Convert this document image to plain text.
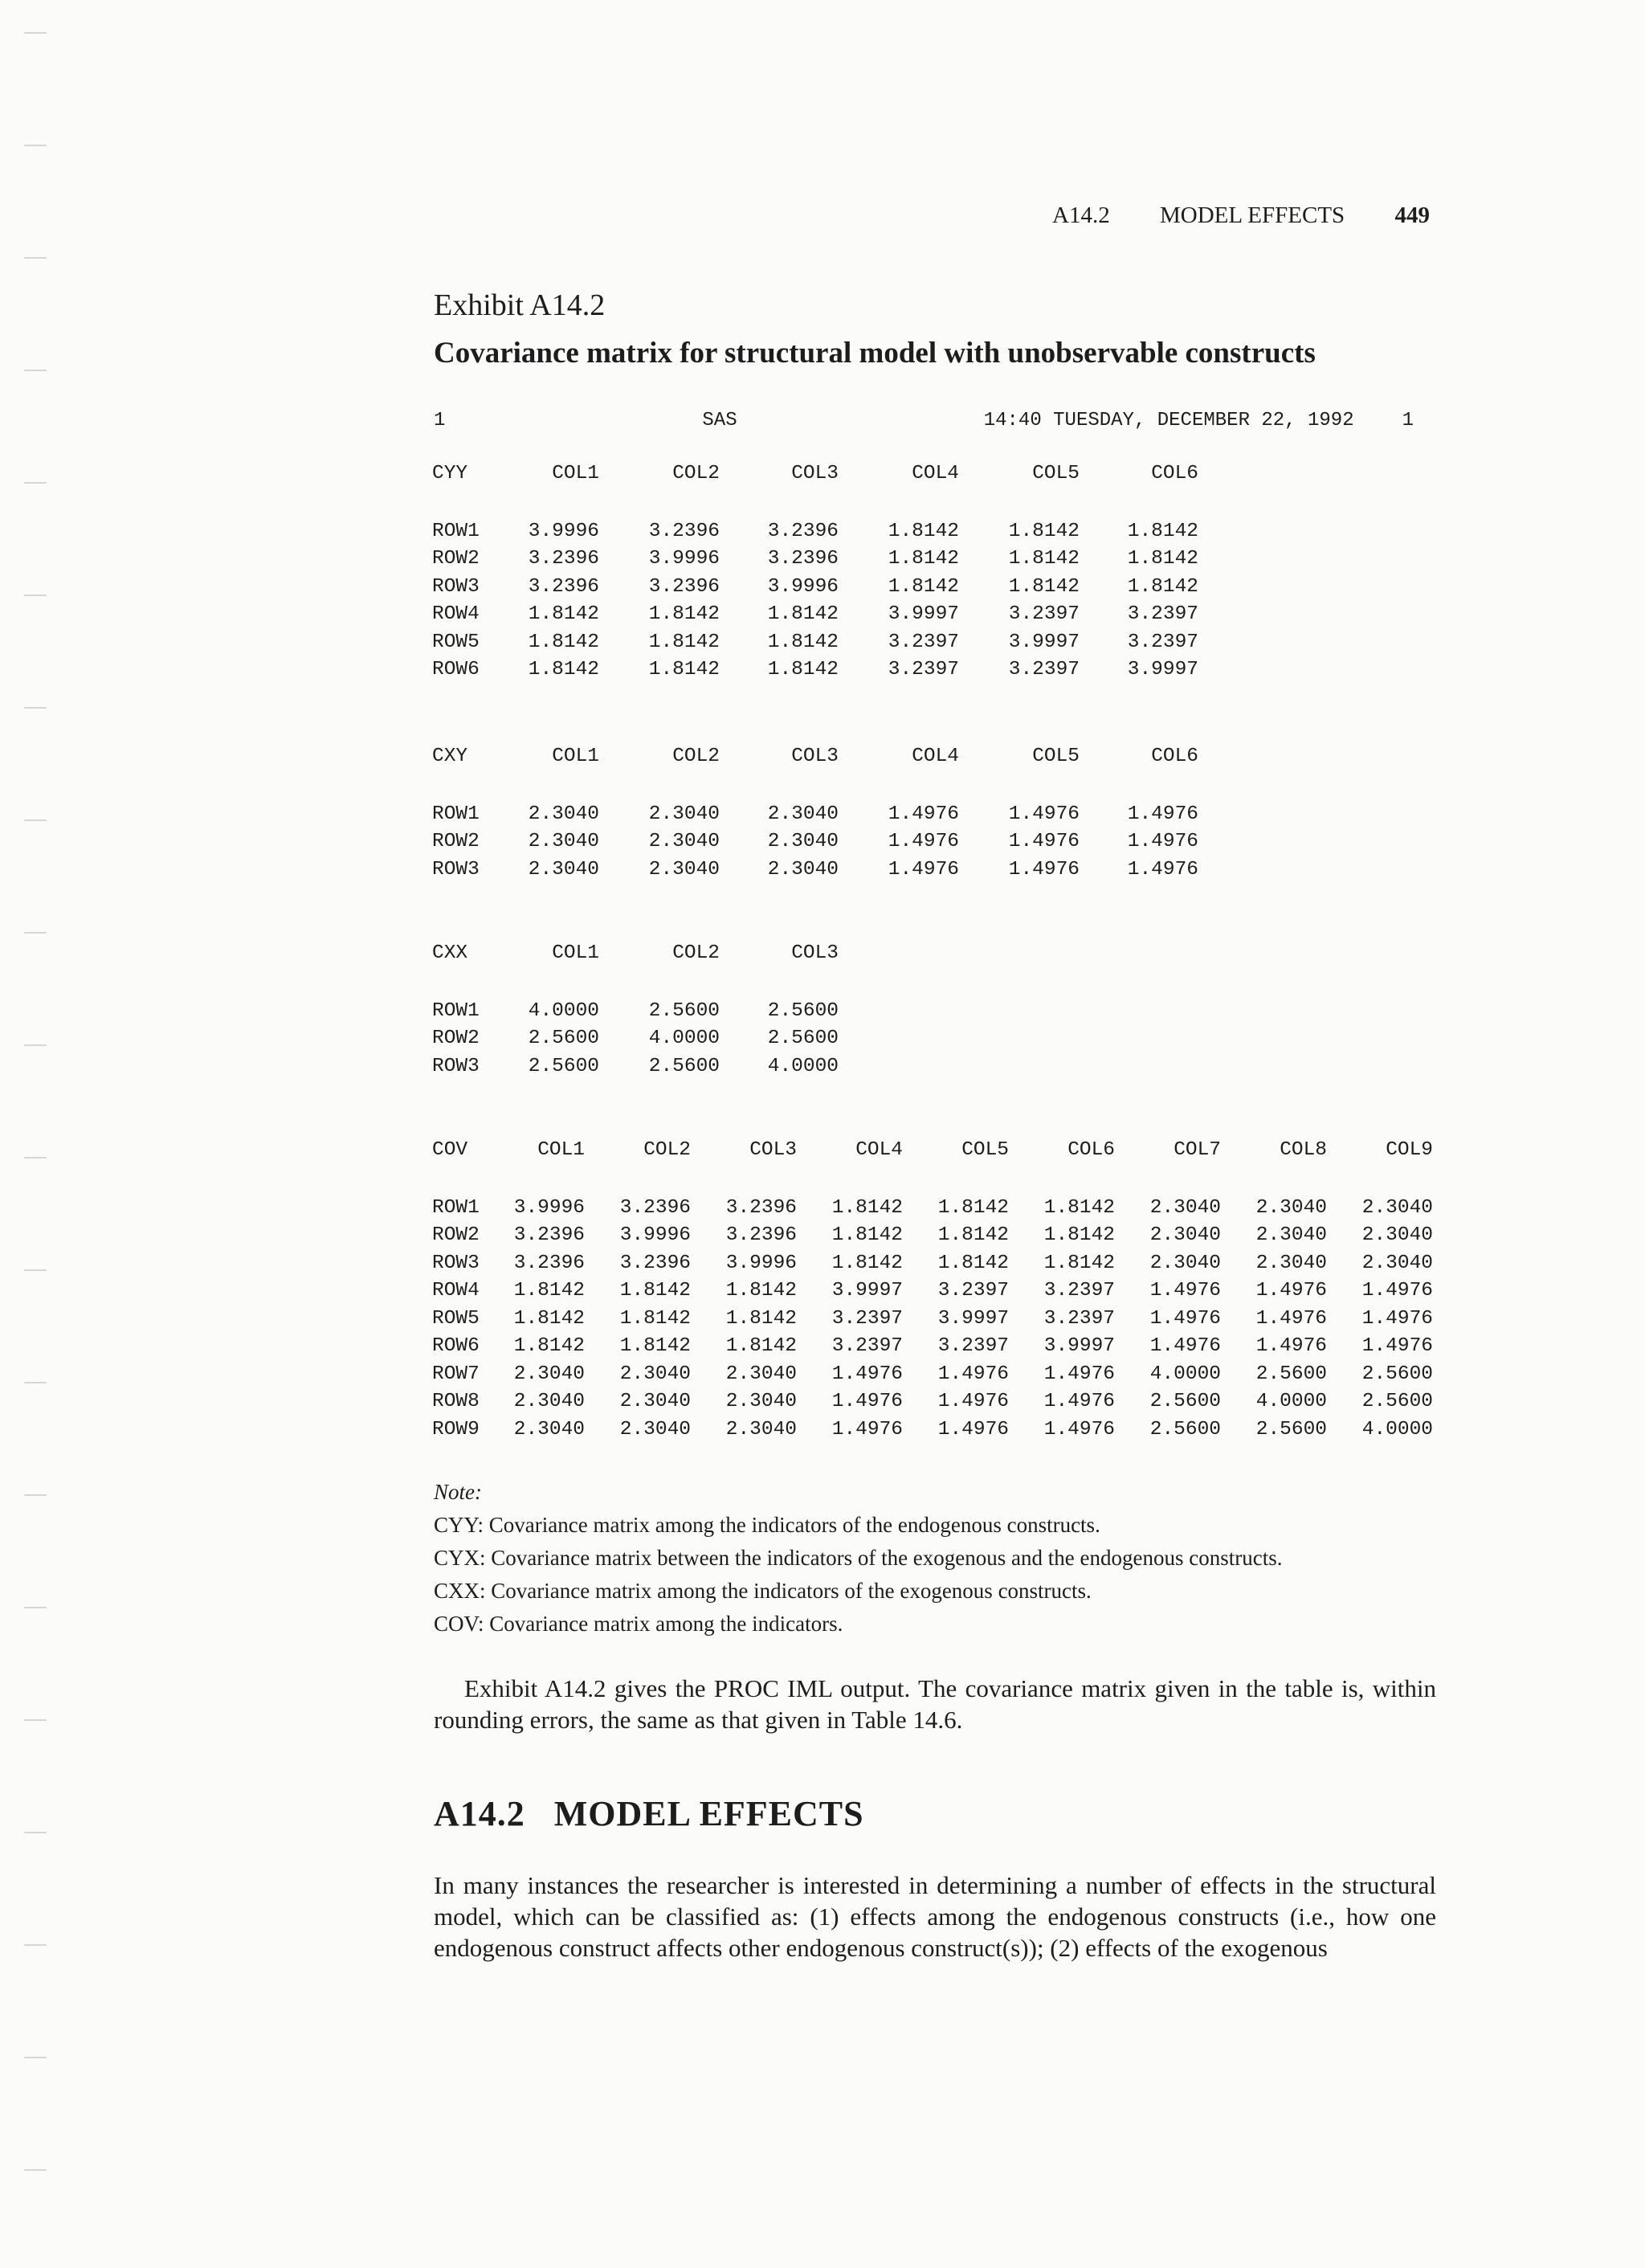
A14.2 MODEL EFFECTS 449
Exhibit A14.2
Covariance matrix for structural model with unobservable constructs
1	SAS	14:40 TUESDAY, DECEMBER 22, 1992	1
CYY	COL1	COL2	COL3	COL4	COL5	COL6
ROW1	3.9996	3.2396	3.2396	1.8142	1.8142	1.8142
ROW2	3.2396	3.9996	3.2396	1.8142	1.8142	1.8142
ROW3	3.2396	3.2396	3.9996	1.8142	1.8142	1.8142
ROW4	1.8142	1.8142	1.8142	3.9997	3.2397	3.2397
ROW5	1.8142	1.8142	1.8142	3.2397	3.9997	3.2397
ROW6	1.8142	1.8142	1.8142	3.2397	3.2397	3.9997
CXY	COL1	COL2	COL3	COL4	COL5	COL6
ROW1	2.3040	2.3040	2.3040	1.4976	1.4976	1.4976
ROW2	2.3040	2.3040	2.3040	1.4976	1.4976	1.4976
ROW3	2.3040	2.3040	2.3040	1.4976	1.4976	1.4976
CXX	COL1	COL2	COL3
ROW1	4.0000	2.5600	2.5600
ROW2	2.5600	4.0000	2.5600
ROW3	2.5600	2.5600	4.0000
COV	COL1	COL2	COL3	COL4	COL5	COL6	COL7	COL8	COL9
ROW1	3.9996	3.2396	3.2396	1.8142	1.8142	1.8142	2.3040	2.3040	2.3040
ROW2	3.2396	3.9996	3.2396	1.8142	1.8142	1.8142	2.3040	2.3040	2.3040
ROW3	3.2396	3.2396	3.9996	1.8142	1.8142	1.8142	2.3040	2.3040	2.3040
ROW4	1.8142	1.8142	1.8142	3.9997	3.2397	3.2397	1.4976	1.4976	1.4976
ROW5	1.8142	1.8142	1.8142	3.2397	3.9997	3.2397	1.4976	1.4976	1.4976
ROW6	1.8142	1.8142	1.8142	3.2397	3.2397	3.9997	1.4976	1.4976	1.4976
ROW7	2.3040	2.3040	2.3040	1.4976	1.4976	1.4976	4.0000	2.5600	2.5600
ROW8	2.3040	2.3040	2.3040	1.4976	1.4976	1.4976	2.5600	4.0000	2.5600
ROW9	2.3040	2.3040	2.3040	1.4976	1.4976	1.4976	2.5600	2.5600	4.0000
Note:
CYY: Covariance matrix among the indicators of the endogenous constructs.
CYX: Covariance matrix between the indicators of the exogenous and the endogenous constructs.
CXX: Covariance matrix among the indicators of the exogenous constructs.
COV: Covariance matrix among the indicators.
Exhibit A14.2 gives the PROC IML output. The covariance matrix given in the table is, within rounding errors, the same as that given in Table 14.6.
A14.2 MODEL EFFECTS
In many instances the researcher is interested in determining a number of effects in the structural model, which can be classified as: (1) effects among the endogenous constructs (i.e., how one endogenous construct affects other endogenous construct(s)); (2) effects of the exogenous
